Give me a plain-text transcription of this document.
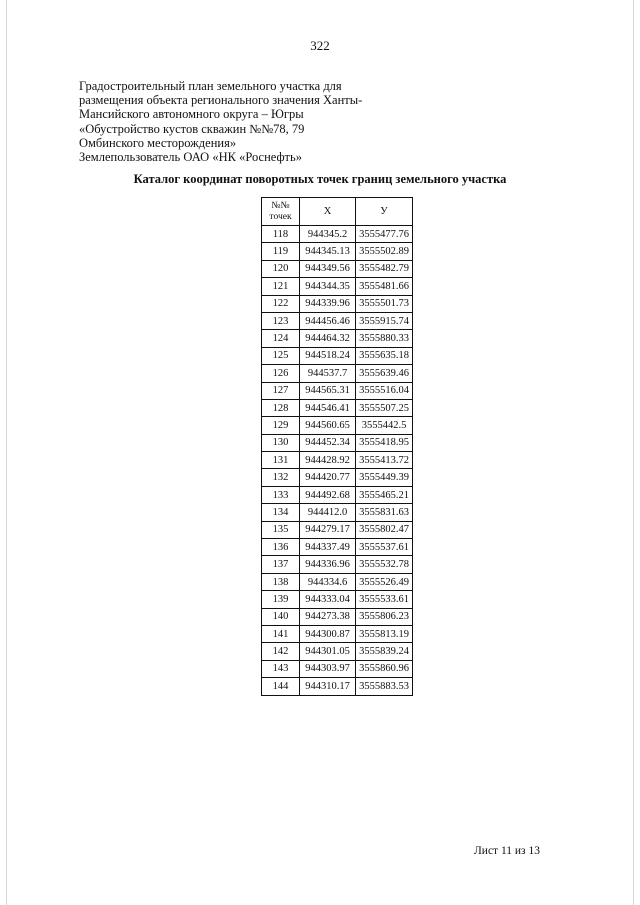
322
Градостроительный план земельного участка для
размещения объекта регионального значения Ханты-
Мансийского автономного округа – Югры
«Обустройство кустов скважин №№78, 79
Омбинского месторождения»
Землепользователь ОАО «НК «Роснефть»
Каталог координат поворотных точек границ земельного участка
№№
точек	X	У
118	944345.2	3555477.76
119	944345.13	3555502.89
120	944349.56	3555482.79
121	944344.35	3555481.66
122	944339.96	3555501.73
123	944456.46	3555915.74
124	944464.32	3555880.33
125	944518.24	3555635.18
126	944537.7	3555639.46
127	944565.31	3555516.04
128	944546.41	3555507.25
129	944560.65	3555442.5
130	944452.34	3555418.95
131	944428.92	3555413.72
132	944420.77	3555449.39
133	944492.68	3555465.21
134	944412.0	3555831.63
135	944279.17	3555802.47
136	944337.49	3555537.61
137	944336.96	3555532.78
138	944334.6	3555526.49
139	944333.04	3555533.61
140	944273.38	3555806.23
141	944300.87	3555813.19
142	944301.05	3555839.24
143	944303.97	3555860.96
144	944310.17	3555883.53
Лист 11 из 13
